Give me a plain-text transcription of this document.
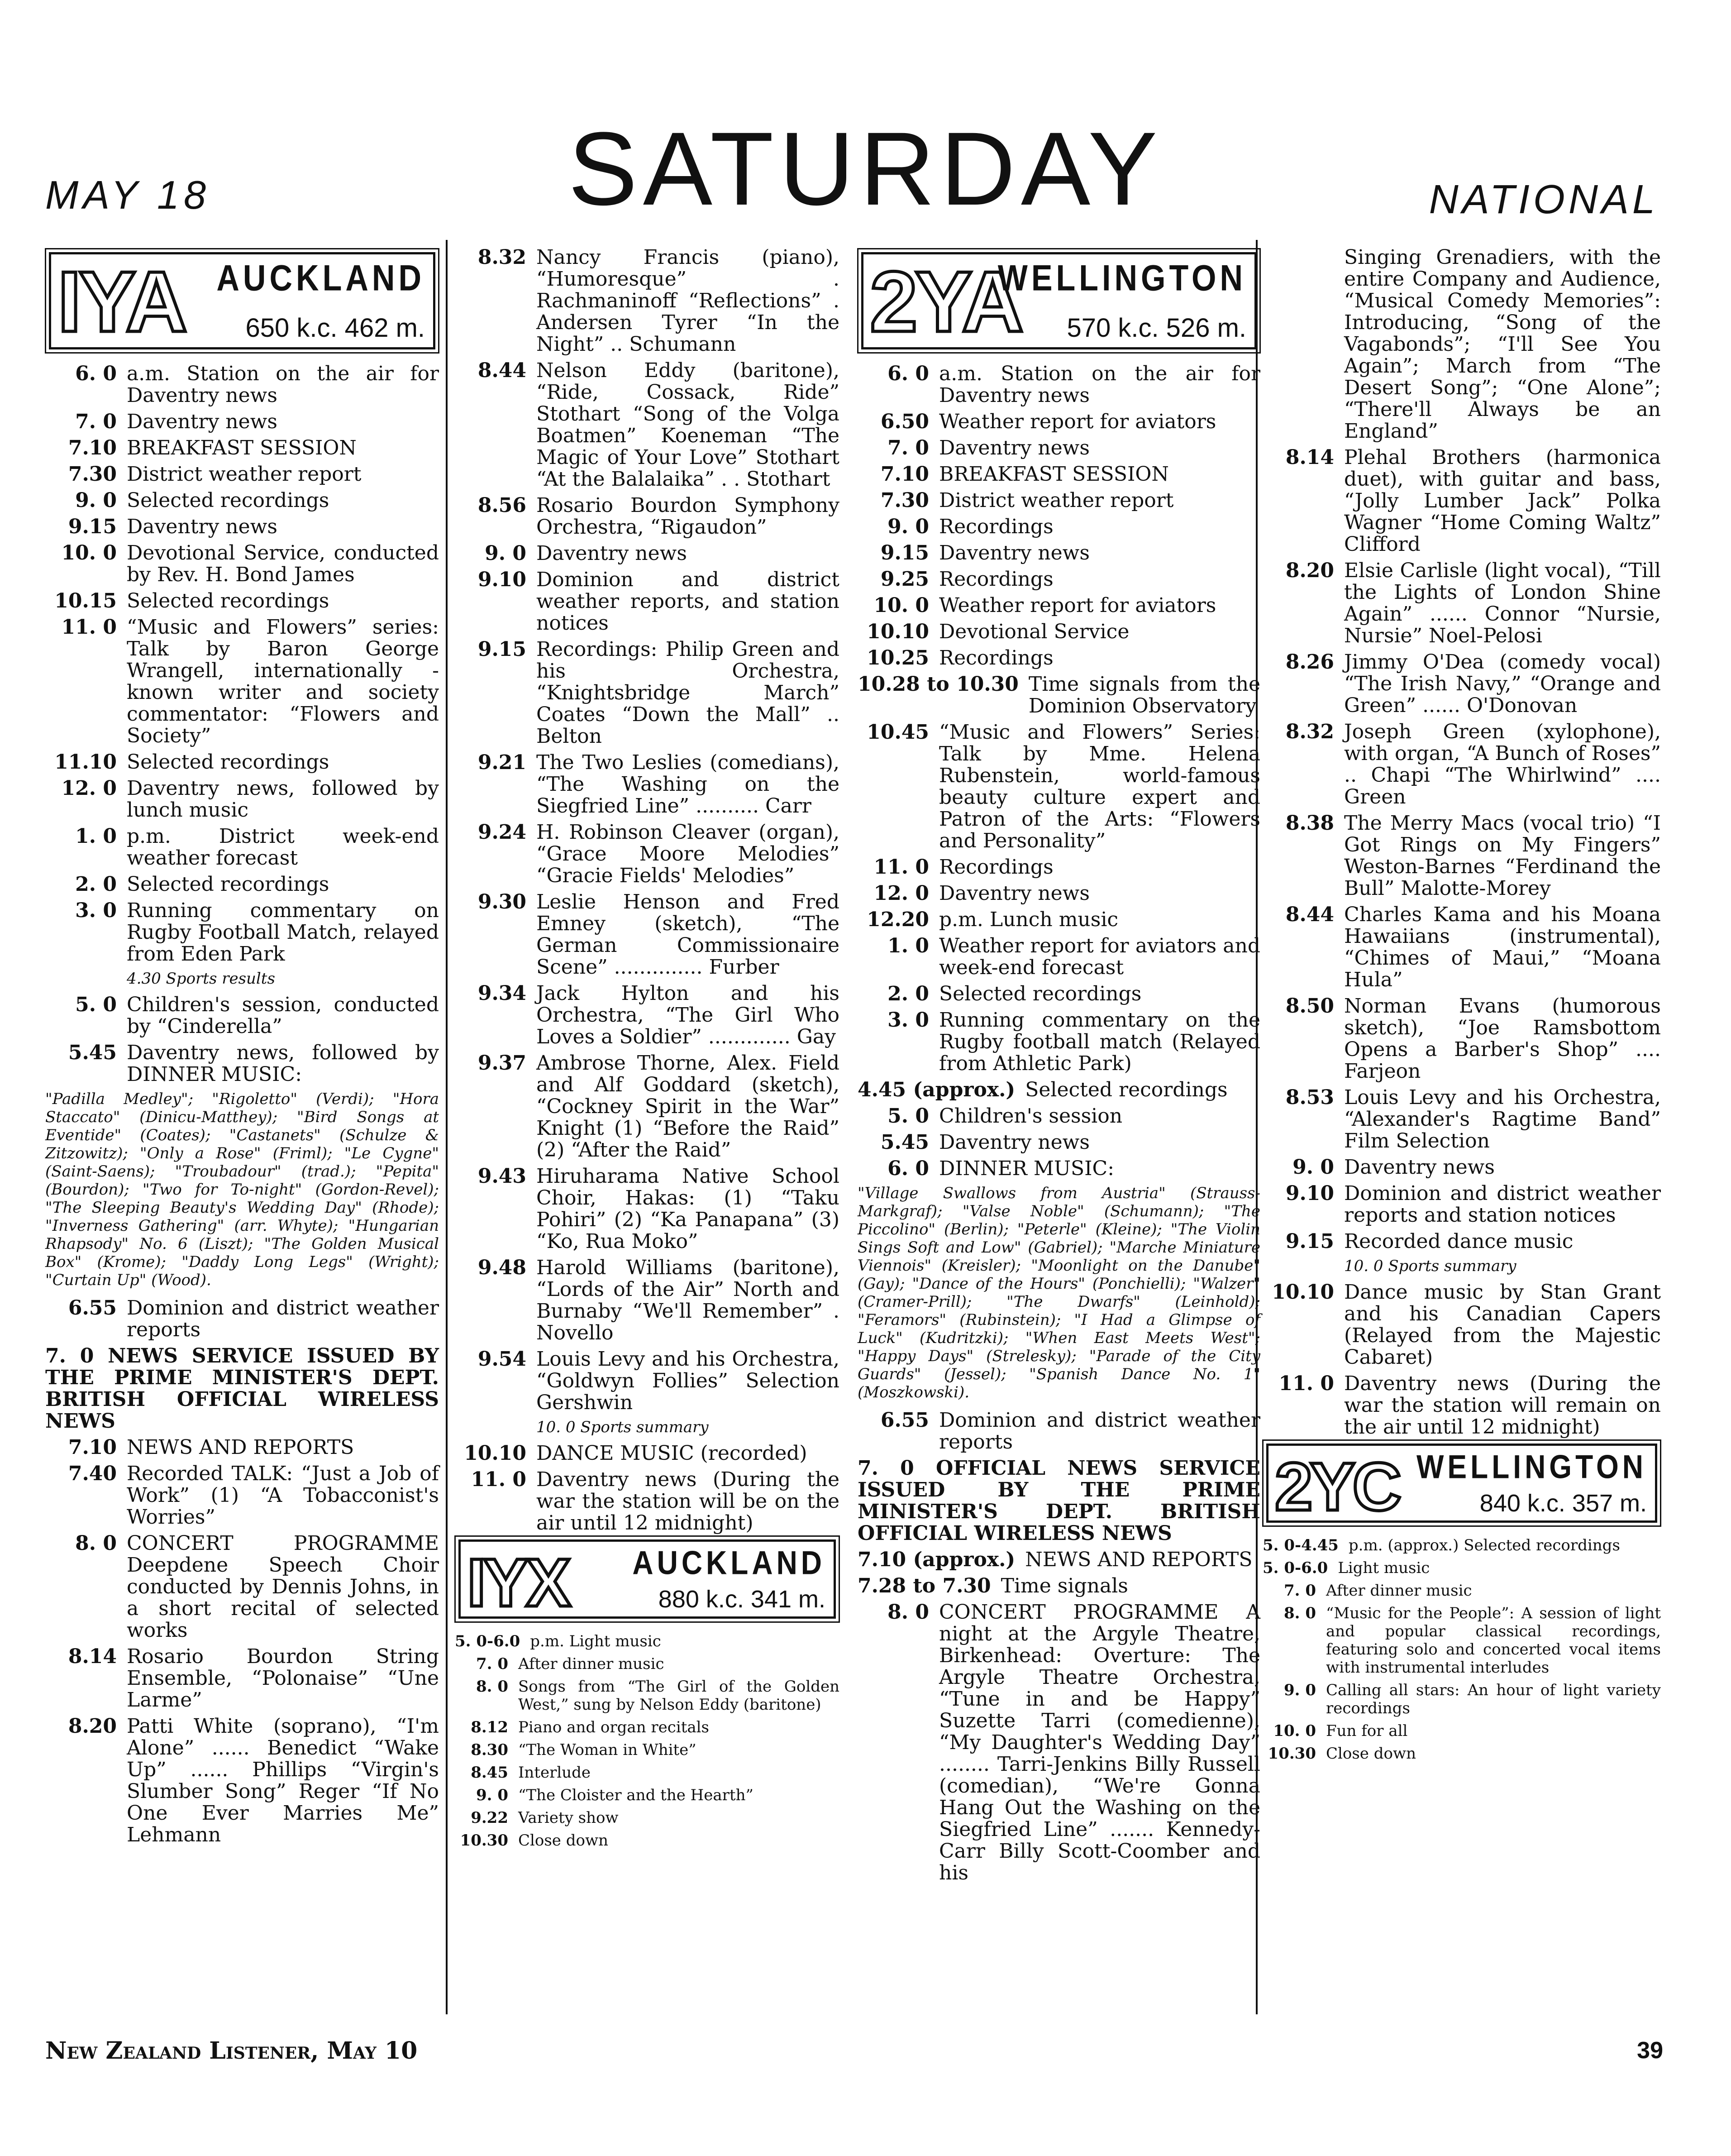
MAY 18	SATURDAY	NATIONAL
IYA AUCKLAND
650 k.c. 462 m.
6. 0 a.m. Station on the air for Daventry news
7. 0 Daventry news
7.10 BREAKFAST SESSION
7.30 District weather report
9. 0 Selected recordings
9.15 Daventry news
10. 0 Devotional Service, conducted by Rev. H. Bond James
10.15 Selected recordings
11. 0 “Music and Flowers” series: Talk by Baron George Wrangell, internationally - known writer and society commentator: “Flowers and Society”
11.10 Selected recordings
12. 0 Daventry news, followed by lunch music
1. 0 p.m. District week-end weather forecast
2. 0 Selected recordings
3. 0 Running commentary on Rugby Football Match, relayed from Eden Park
4.30 Sports results
5. 0 Children's session, conducted by “Cinderella”
5.45 Daventry news, followed by DINNER MUSIC:
"Padilla Medley"; "Rigoletto" (Verdi); "Hora Staccato" (Dinicu-Matthey); "Bird Songs at Eventide" (Coates); "Castanets" (Schulze & Zitzowitz); "Only a Rose" (Friml); "Le Cygne" (Saint-Saens); "Troubadour" (trad.); "Pepita" (Bourdon); "Two for To-night" (Gordon-Revel); "The Sleeping Beauty's Wedding Day" (Rhode); "Inverness Gathering" (arr. Whyte); "Hungarian Rhapsody" No. 6 (Liszt); "The Golden Musical Box" (Krome); "Daddy Long Legs" (Wright); "Curtain Up" (Wood).
6.55 Dominion and district weather reports
7. 0 NEWS SERVICE ISSUED BY THE PRIME MINISTER'S DEPT. BRITISH OFFICIAL WIRELESS NEWS
7.10 NEWS AND REPORTS
7.40 Recorded TALK: “Just a Job of Work” (1) “A Tobacconist's Worries”
8. 0 CONCERT PROGRAMME Deepdene Speech Choir conducted by Dennis Johns, in a short recital of selected works
8.14 Rosario Bourdon String Ensemble, “Polonaise” “Une Larme”
8.20 Patti White (soprano), “I'm Alone” ...... Benedict “Wake Up” ...... Phillips “Virgin's Slumber Song” Reger “If No One Ever Marries Me” Lehmann
8.32 Nancy Francis (piano), “Humoresque” . Rachmaninoff “Reflections” . Andersen Tyrer “In the Night” .. Schumann
8.44 Nelson Eddy (baritone), “Ride, Cossack, Ride” Stothart “Song of the Volga Boatmen” Koeneman “The Magic of Your Love” Stothart “At the Balalaika” . . Stothart
8.56 Rosario Bourdon Symphony Orchestra, “Rigaudon”
9. 0 Daventry news
9.10 Dominion and district weather reports, and station notices
9.15 Recordings: Philip Green and his Orchestra, “Knightsbridge March” Coates “Down the Mall” .. Belton
9.21 The Two Leslies (comedians), “The Washing on the Siegfried Line” .......... Carr
9.24 H. Robinson Cleaver (organ), “Grace Moore Melodies” “Gracie Fields' Melodies”
9.30 Leslie Henson and Fred Emney (sketch), “The German Commissionaire Scene” .............. Furber
9.34 Jack Hylton and his Orchestra, “The Girl Who Loves a Soldier” ............. Gay
9.37 Ambrose Thorne, Alex. Field and Alf Goddard (sketch), “Cockney Spirit in the War” Knight (1) “Before the Raid” (2) “After the Raid”
9.43 Hiruharama Native School Choir, Hakas: (1) “Taku Pohiri” (2) “Ka Panapana” (3) “Ko, Rua Moko”
9.48 Harold Williams (baritone), “Lords of the Air” North and Burnaby “We'll Remember” . Novello
9.54 Louis Levy and his Orchestra, “Goldwyn Follies” Selection Gershwin
10. 0 Sports summary
10.10 DANCE MUSIC (recorded)
11. 0 Daventry news (During the war the station will be on the air until 12 midnight)
IYX AUCKLAND
880 k.c. 341 m.
5. 0-6.0 p.m. Light music
7. 0 After dinner music
8. 0 Songs from “The Girl of the Golden West,” sung by Nelson Eddy (baritone)
8.12 Piano and organ recitals
8.30 “The Woman in White”
8.45 Interlude
9. 0 “The Cloister and the Hearth”
9.22 Variety show
10.30 Close down
2YA
WELLINGTON
570 k.c. 526 m.
6. 0 a.m. Station on the air for Daventry news
6.50 Weather report for aviators
7. 0 Daventry news
7.10 BREAKFAST SESSION
7.30 District weather report
9. 0 Recordings
9.15 Daventry news
9.25 Recordings
10. 0 Weather report for aviators
10.10 Devotional Service
10.25 Recordings
10.28 to 10.30 Time signals from the Dominion Observatory
10.45 “Music and Flowers” Series: Talk by Mme. Helena Rubenstein, world-famous beauty culture expert and Patron of the Arts: “Flowers and Personality”
11. 0 Recordings
12. 0 Daventry news
12.20 p.m. Lunch music
1. 0 Weather report for aviators and week-end forecast
2. 0 Selected recordings
3. 0 Running commentary on the Rugby football match (Relayed from Athletic Park)
4.45 (approx.) Selected recordings
5. 0 Children's session
5.45 Daventry news
6. 0 DINNER MUSIC:
"Village Swallows from Austria" (Strauss-Markgraf); "Valse Noble" (Schumann); "The Piccolino" (Berlin); "Peterle" (Kleine); "The Violin Sings Soft and Low" (Gabriel); "Marche Miniature Viennois" (Kreisler); "Moonlight on the Danube" (Gay); "Dance of the Hours" (Ponchielli); "Walzer" (Cramer-Prill); "The Dwarfs" (Leinhold); "Feramors" (Rubinstein); "I Had a Glimpse of Luck" (Kudritzki); "When East Meets West"; "Happy Days" (Strelesky); "Parade of the City Guards" (Jessel); "Spanish Dance No. 1" (Moszkowski).
6.55 Dominion and district weather reports
7. 0 OFFICIAL NEWS SERVICE ISSUED BY THE PRIME MINISTER'S DEPT. BRITISH OFFICIAL WIRELESS NEWS
7.10 (approx.) NEWS AND REPORTS
7.28 to 7.30 Time signals
8. 0 CONCERT PROGRAMME A night at the Argyle Theatre, Birkenhead: Overture: The Argyle Theatre Orchestra, “Tune in and be Happy” Suzette Tarri (comedienne), “My Daughter's Wedding Day” ........ Tarri-Jenkins Billy Russell (comedian), “We're Gonna Hang Out the Washing on the Siegfried Line” ....... Kennedy-Carr Billy Scott-Coomber and his
Singing Grenadiers, with the entire Company and Audience, “Musical Comedy Memories”: Introducing, “Song of the Vagabonds”; “I'll See You Again”; March from “The Desert Song”; “One Alone”; “There'll Always be an England”
8.14 Plehal Brothers (harmonica duet), with guitar and bass, “Jolly Lumber Jack” Polka Wagner “Home Coming Waltz” Clifford
8.20 Elsie Carlisle (light vocal), “Till the Lights of London Shine Again” ...... Connor “Nursie, Nursie” Noel-Pelosi
8.26 Jimmy O'Dea (comedy vocal) “The Irish Navy,” “Orange and Green” ...... O'Donovan
8.32 Joseph Green (xylophone), with organ, “A Bunch of Roses” .. Chapi “The Whirlwind” .... Green
8.38 The Merry Macs (vocal trio) “I Got Rings on My Fingers” Weston-Barnes “Ferdinand the Bull” Malotte-Morey
8.44 Charles Kama and his Moana Hawaiians (instrumental), “Chimes of Maui,” “Moana Hula”
8.50 Norman Evans (humorous sketch), “Joe Ramsbottom Opens a Barber's Shop” .... Farjeon
8.53 Louis Levy and his Orchestra, “Alexander's Ragtime Band” Film Selection
9. 0 Daventry news
9.10 Dominion and district weather reports and station notices
9.15 Recorded dance music
10. 0 Sports summary
10.10 Dance music by Stan Grant and his Canadian Capers (Relayed from the Majestic Cabaret)
11. 0 Daventry news (During the war the station will remain on the air until 12 midnight)
2YC WELLINGTON
840 k.c. 357 m.
5. 0-4.45 p.m. (approx.) Selected recordings
5. 0-6.0 Light music
7. 0 After dinner music
8. 0 “Music for the People”: A session of light and popular classical recordings, featuring solo and concerted vocal items with instrumental interludes
9. 0 Calling all stars: An hour of light variety recordings
10. 0 Fun for all
10.30 Close down
New Zealand Listener, May 10	39
